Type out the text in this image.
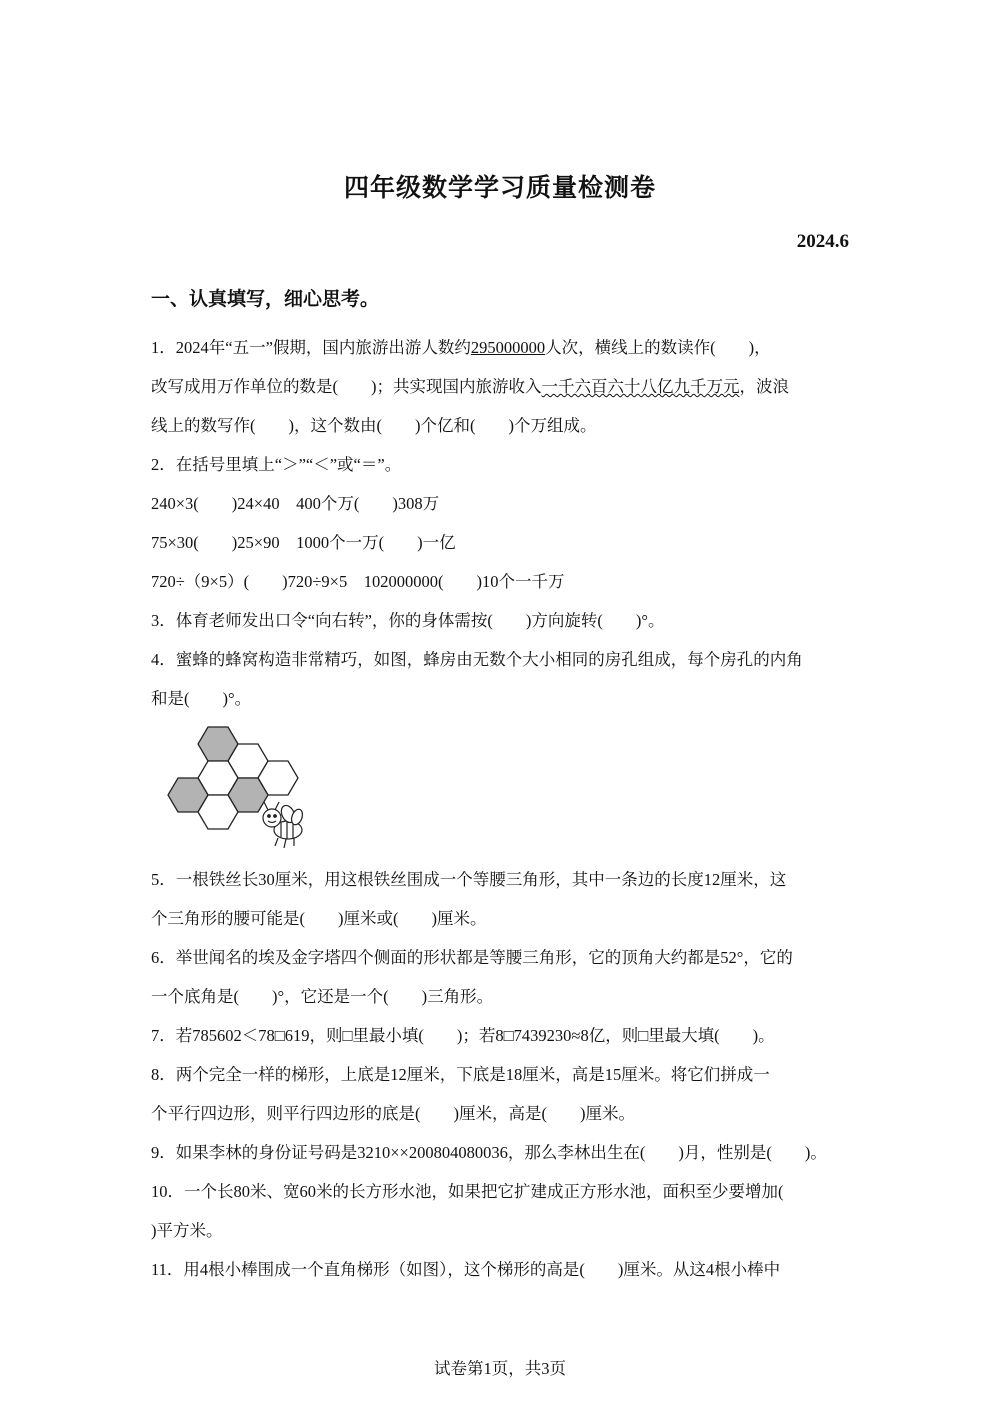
四年级数学学习质量检测卷
2024.6
一、认真填写，细心思考。
1．2024年“五一”假期，国内旅游出游人数约295000000人次，横线上的数读作(　　)，
改写成用万作单位的数是(　　)；共实现国内旅游收入一千六百六十八亿九千万元，波浪
线上的数写作(　　)，这个数由(　　)个亿和(　　)个万组成。
2．在括号里填上“＞”“＜”或“＝”。
240×3(　　)24×40　400个万(　　)308万
75×30(　　)25×90　1000个一万(　　)一亿
720÷（9×5）(　　)720÷9×5　102000000(　　)10个一千万
3．体育老师发出口令“向右转”，你的身体需按(　　)方向旋转(　　)°。
4．蜜蜂的蜂窝构造非常精巧，如图，蜂房由无数个大小相同的房孔组成，每个房孔的内角
和是(　　)°。
5．一根铁丝长30厘米，用这根铁丝围成一个等腰三角形，其中一条边的长度12厘米，这
个三角形的腰可能是(　　)厘米或(　　)厘米。
6．举世闻名的埃及金字塔四个侧面的形状都是等腰三角形，它的顶角大约都是52°，它的
一个底角是(　　)°，它还是一个(　　)三角形。
7．若785602＜78□619，则□里最小填(　　)；若8□7439230≈8亿，则□里最大填(　　)。
8．两个完全一样的梯形，上底是12厘米，下底是18厘米，高是15厘米。将它们拼成一
个平行四边形，则平行四边形的底是(　　)厘米，高是(　　)厘米。
9．如果李林的身份证号码是3210××200804080036，那么李林出生在(　　)月，性别是(　　)。
10．一个长80米、宽60米的长方形水池，如果把它扩建成正方形水池，面积至少要增加(
)平方米。
11．用4根小棒围成一个直角梯形（如图），这个梯形的高是(　　)厘米。从这4根小棒中
试卷第1页，共3页
